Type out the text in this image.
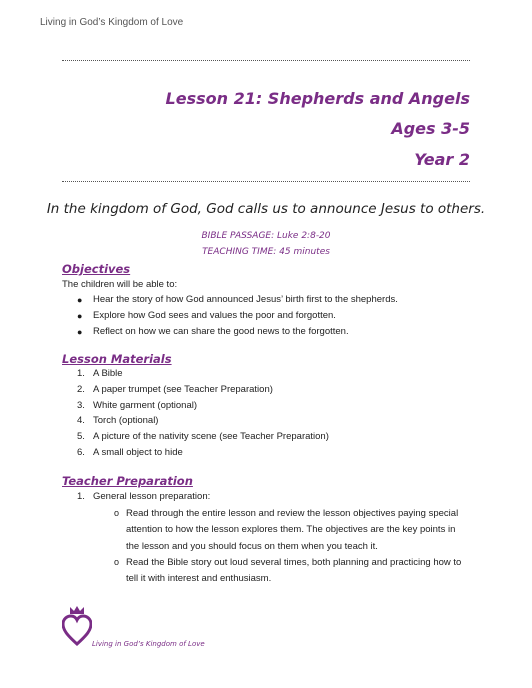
Living in God’s Kingdom of Love
Lesson 21: Shepherds and Angels
Ages 3-5
Year 2
In the kingdom of God, God calls us to announce Jesus to others.
BIBLE PASSAGE: Luke 2:8-20
TEACHING TIME: 45 minutes
Objectives
The children will be able to:
● Hear the story of how God announced Jesus’ birth first to the shepherds.
● Explore how God sees and values the poor and forgotten.
● Reflect on how we can share the good news to the forgotten.
Lesson Materials
1. A Bible
2. A paper trumpet (see Teacher Preparation)
3. White garment (optional)
4. Torch (optional)
5. A picture of the nativity scene (see Teacher Preparation)
6. A small object to hide
Teacher Preparation
1. General lesson preparation:
o Read through the entire lesson and review the lesson objectives paying special
attention to how the lesson explores them. The objectives are the key points in
the lesson and you should focus on them when you teach it.
o Read the Bible story out loud several times, both planning and practicing how to
tell it with interest and enthusiasm.
Living in God’s Kingdom of Love
